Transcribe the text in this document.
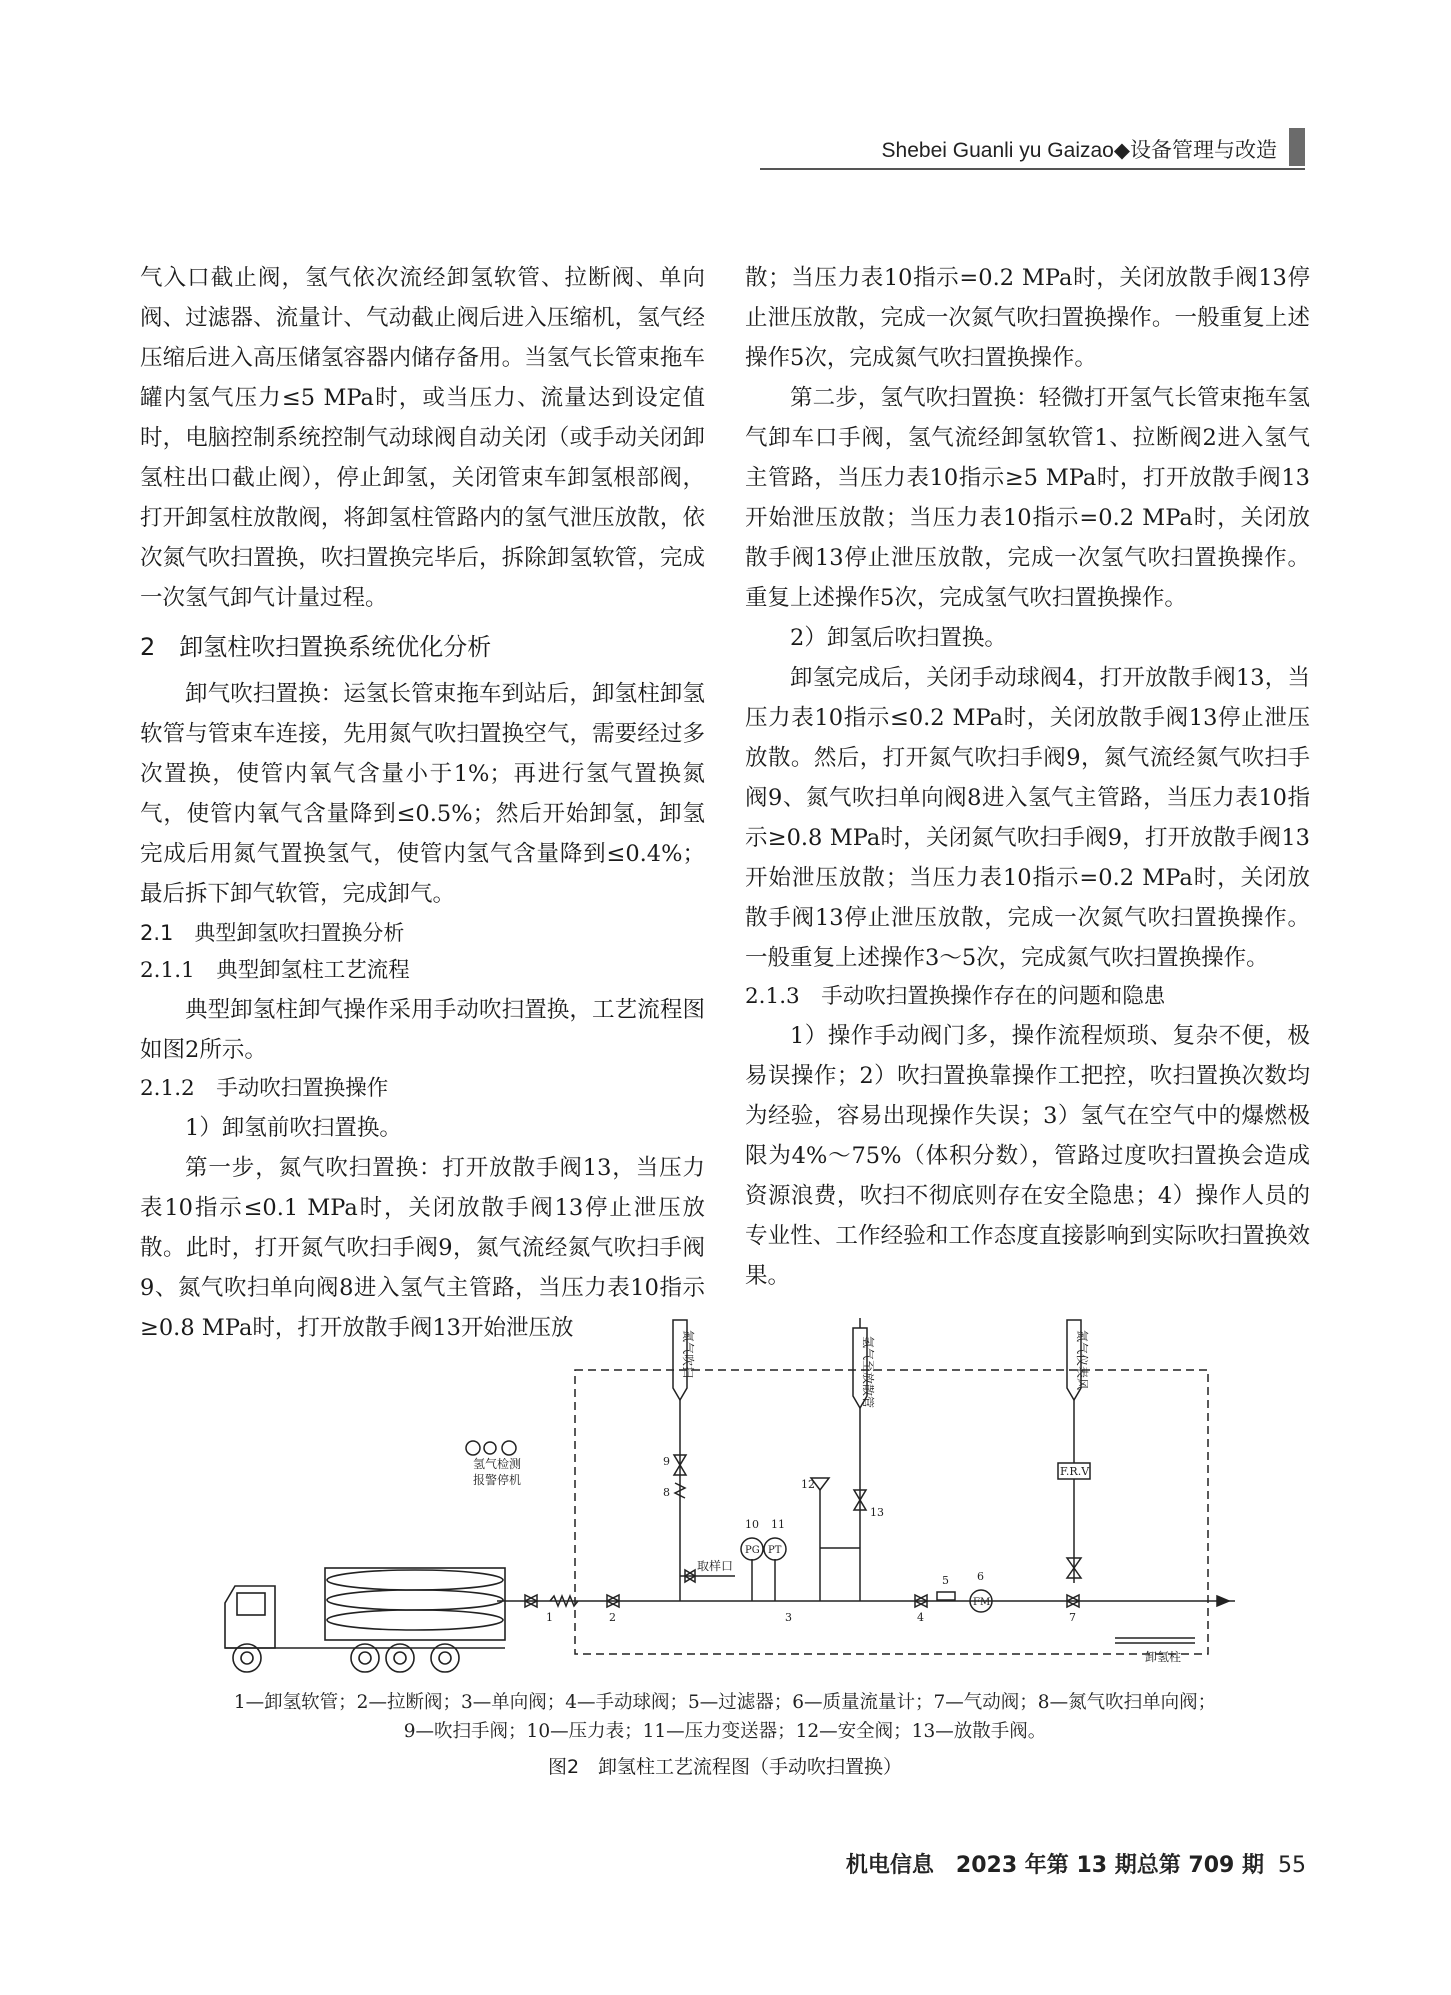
Shebei Guanli yu Gaizao◆设备管理与改造
气入口截止阀，氢气依次流经卸氢软管、拉断阀、单向阀、过滤器、流量计、气动截止阀后进入压缩机，氢气经压缩后进入高压储氢容器内储存备用。当氢气长管束拖车罐内氢气压力≤5 MPa时，或当压力、流量达到设定值时，电脑控制系统控制气动球阀自动关闭（或手动关闭卸氢柱出口截止阀），停止卸氢，关闭管束车卸氢根部阀，打开卸氢柱放散阀，将卸氢柱管路内的氢气泄压放散，依次氮气吹扫置换，吹扫置换完毕后，拆除卸氢软管，完成一次氢气卸气计量过程。
2　卸氢柱吹扫置换系统优化分析
卸气吹扫置换：运氢长管束拖车到站后，卸氢柱卸氢软管与管束车连接，先用氮气吹扫置换空气，需要经过多次置换，使管内氧气含量小于1%；再进行氢气置换氮气，使管内氧气含量降到≤0.5%；然后开始卸氢，卸氢完成后用氮气置换氢气，使管内氢气含量降到≤0.4%；最后拆下卸气软管，完成卸气。
2.1　典型卸氢吹扫置换分析
2.1.1　典型卸氢柱工艺流程
典型卸氢柱卸气操作采用手动吹扫置换，工艺流程图如图2所示。
2.1.2　手动吹扫置换操作
1）卸氢前吹扫置换。
第一步，氮气吹扫置换：打开放散手阀13，当压力表10指示≤0.1 MPa时，关闭放散手阀13停止泄压放散。此时，打开氮气吹扫手阀9，氮气流经氮气吹扫手阀9、氮气吹扫单向阀8进入氢气主管路，当压力表10指示≥0.8 MPa时，打开放散手阀13开始泄压放
散；当压力表10指示=0.2 MPa时，关闭放散手阀13停止泄压放散，完成一次氮气吹扫置换操作。一般重复上述操作5次，完成氮气吹扫置换操作。
第二步，氢气吹扫置换：轻微打开氢气长管束拖车氢气卸车口手阀，氢气流经卸氢软管1、拉断阀2进入氢气主管路，当压力表10指示≥5 MPa时，打开放散手阀13开始泄压放散；当压力表10指示=0.2 MPa时，关闭放散手阀13停止泄压放散，完成一次氢气吹扫置换操作。重复上述操作5次，完成氢气吹扫置换操作。
2）卸氢后吹扫置换。
卸氢完成后，关闭手动球阀4，打开放散手阀13，当压力表10指示≤0.2 MPa时，关闭放散手阀13停止泄压放散。然后，打开氮气吹扫手阀9，氮气流经氮气吹扫手阀9、氮气吹扫单向阀8进入氢气主管路，当压力表10指示≥0.8 MPa时，关闭氮气吹扫手阀9，打开放散手阀13开始泄压放散；当压力表10指示=0.2 MPa时，关闭放散手阀13停止泄压放散，完成一次氮气吹扫置换操作。一般重复上述操作3～5次，完成氮气吹扫置换操作。
2.1.3　手动吹扫置换操作存在的问题和隐患
1）操作手动阀门多，操作流程烦琐、复杂不便，极易误操作；2）吹扫置换靠操作工把控，吹扫置换次数均为经验，容易出现操作失误；3）氢气在空气中的爆燃极限为4%～75%（体积分数），管路过度吹扫置换会造成资源浪费，吹扫不彻底则存在安全隐患；4）操作人员的专业性、工作经验和工作态度直接影响到实际吹扫置换效果。
氮气吹扫	氢气至放散管	氮气仪表风
氢气检测
报警停机
PG PT
FM
F.R.V
取样口
卸氢柱
1	2	3	4
5	6
7
8
9
10 11
12
13
1—卸氢软管；2—拉断阀；3—单向阀；4—手动球阀；5—过滤器；6—质量流量计；7—气动阀；8—氮气吹扫单向阀；
9—吹扫手阀；10—压力表；11—压力变送器；12—安全阀；13—放散手阀。
图2　卸氢柱工艺流程图（手动吹扫置换）
机电信息　2023 年第 13 期总第 709 期 55
